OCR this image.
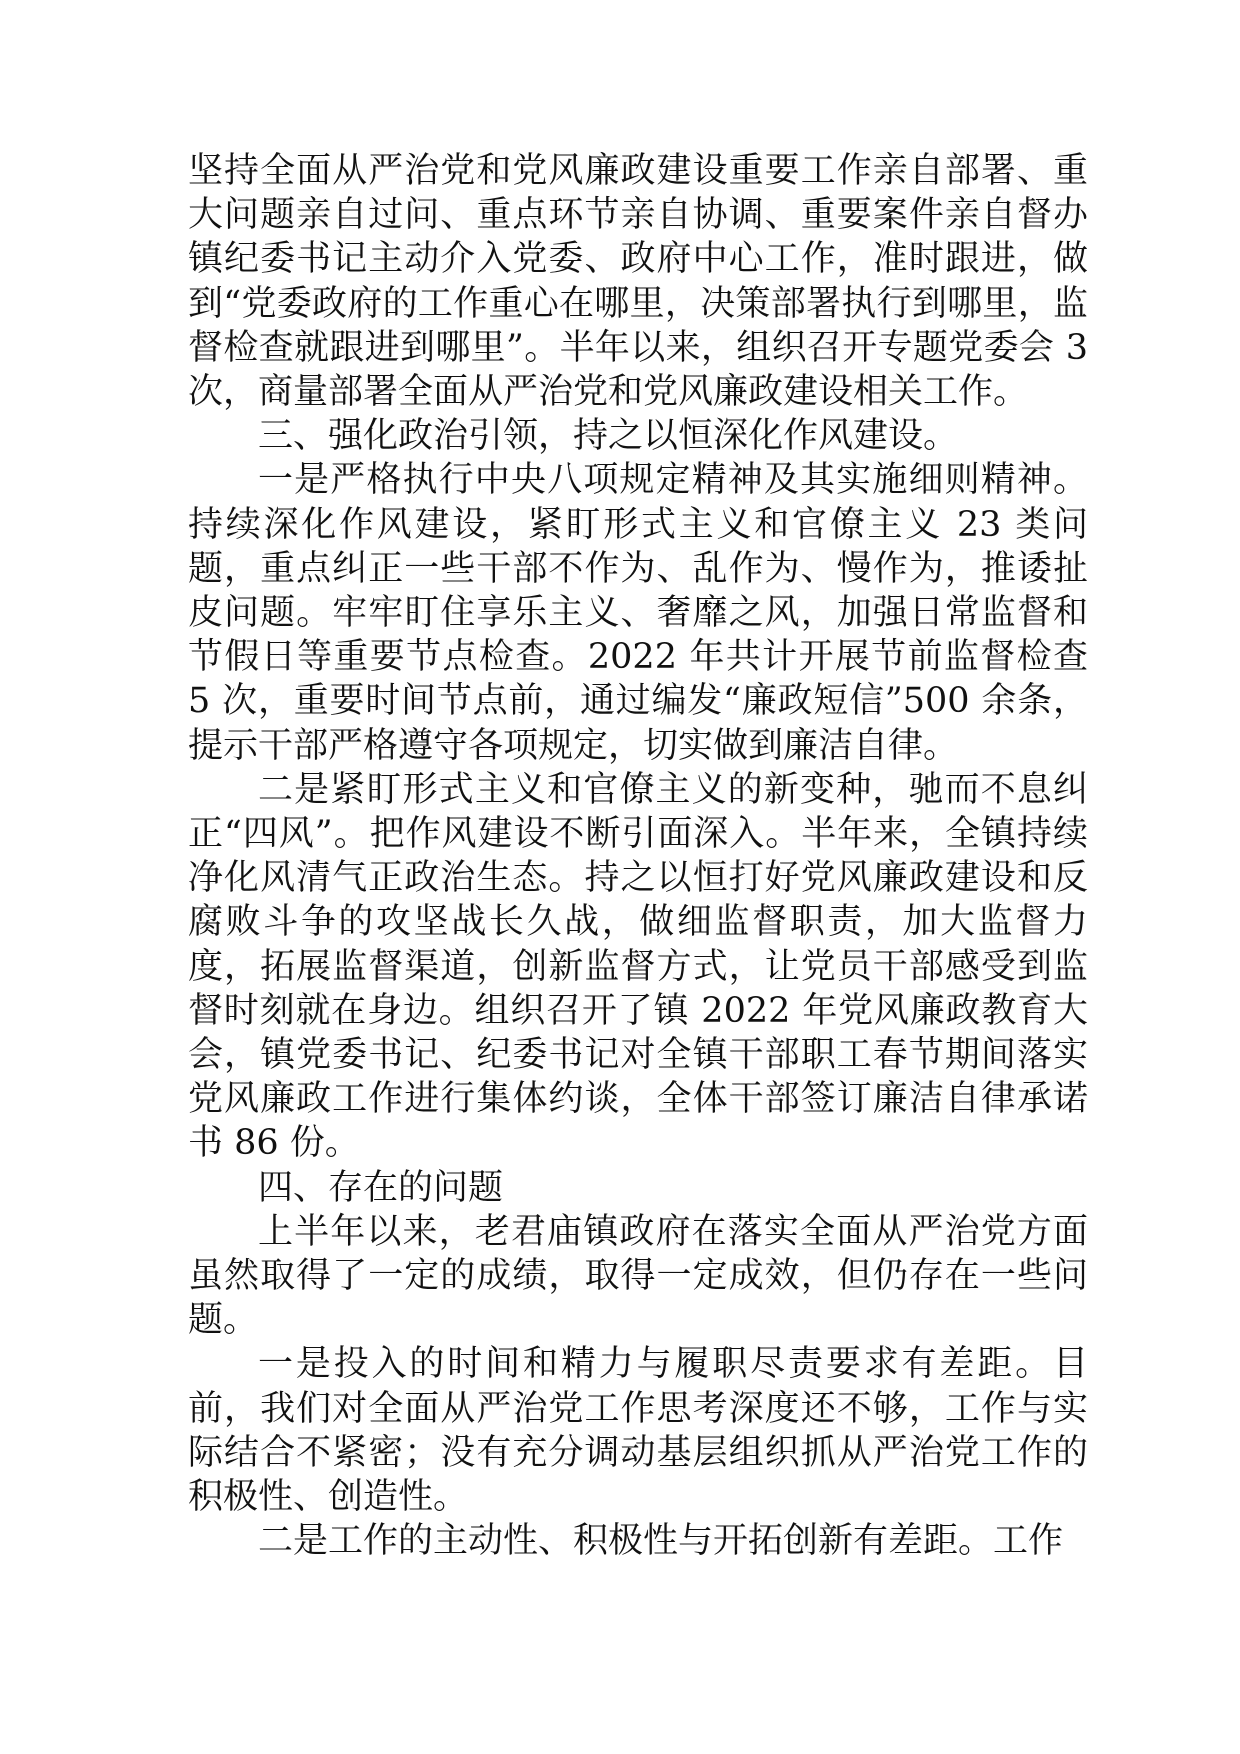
坚持全面从严治党和党风廉政建设重要工作亲自部署、重大问题亲自过问、重点环节亲自协调、重要案件亲自督办镇纪委书记主动介入党委、政府中心工作，准时跟进，做到“党委政府的工作重心在哪里，决策部署执行到哪里，监督检查就跟进到哪里”。半年以来，组织召开专题党委会 3 次，商量部署全面从严治党和党风廉政建设相关工作。

三、强化政治引领，持之以恒深化作风建设。

一是严格执行中央八项规定精神及其实施细则精神。持续深化作风建设，紧盯形式主义和官僚主义 23 类问题，重点纠正一些干部不作为、乱作为、慢作为，推诿扯皮问题。牢牢盯住享乐主义、奢靡之风，加强日常监督和节假日等重要节点检查。2022 年共计开展节前监督检查 5 次，重要时间节点前，通过编发“廉政短信”500 余条，提示干部严格遵守各项规定，切实做到廉洁自律。

二是紧盯形式主义和官僚主义的新变种，驰而不息纠正“四风”。把作风建设不断引面深入。半年来，全镇持续净化风清气正政治生态。持之以恒打好党风廉政建设和反腐败斗争的攻坚战长久战，做细监督职责，加大监督力度，拓展监督渠道，创新监督方式，让党员干部感受到监督时刻就在身边。组织召开了镇 2022 年党风廉政教育大会，镇党委书记、纪委书记对全镇干部职工春节期间落实党风廉政工作进行集体约谈，全体干部签订廉洁自律承诺书 86 份。

四、存在的问题

上半年以来，老君庙镇政府在落实全面从严治党方面虽然取得了一定的成绩，取得一定成效，但仍存在一些问题。

一是投入的时间和精力与履职尽责要求有差距。目前，我们对全面从严治党工作思考深度还不够，工作与实际结合不紧密；没有充分调动基层组织抓从严治党工作的积极性、创造性。

二是工作的主动性、积极性与开拓创新有差距。工作
